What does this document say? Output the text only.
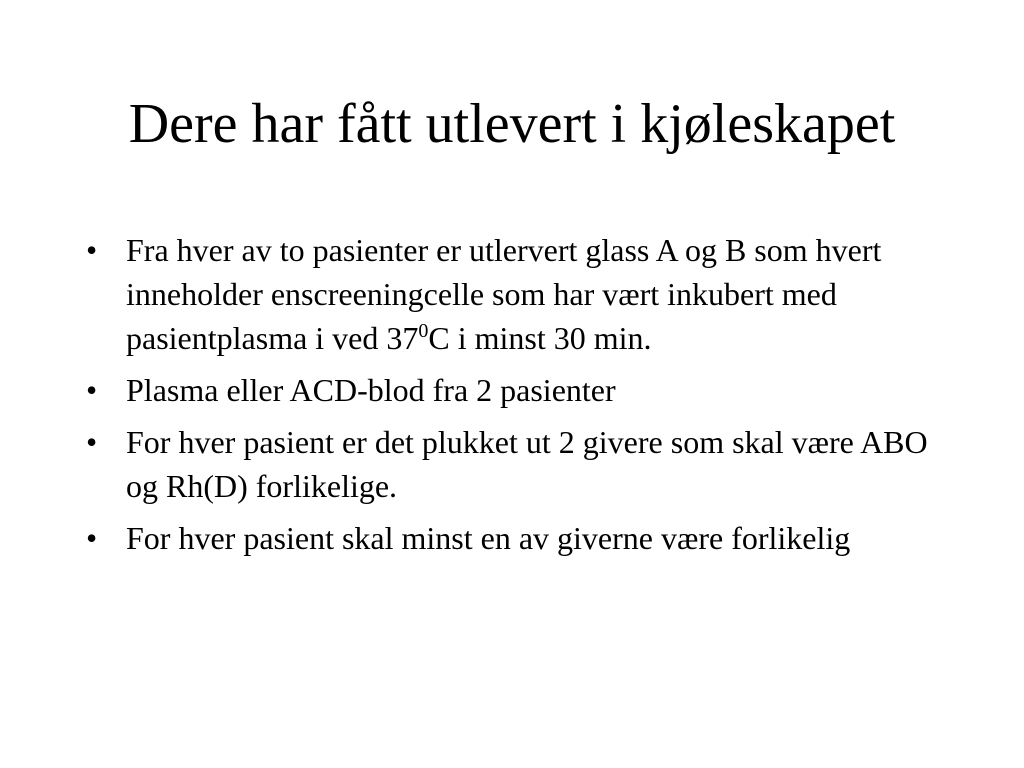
Dere har fått utlevert i kjøleskapet
• Fra hver av to pasienter er utlervert glass A og B som hvert inneholder enscreeningcelle som har vært inkubert med pasientplasma i ved $37^0C$ i minst 30 min.
• Plasma eller ACD-blod fra 2 pasienter
• For hver pasient er det plukket ut 2 givere som skal være ABO og Rh(D) forlikelige.
• For hver pasient skal minst en av giverne være forlikelig
